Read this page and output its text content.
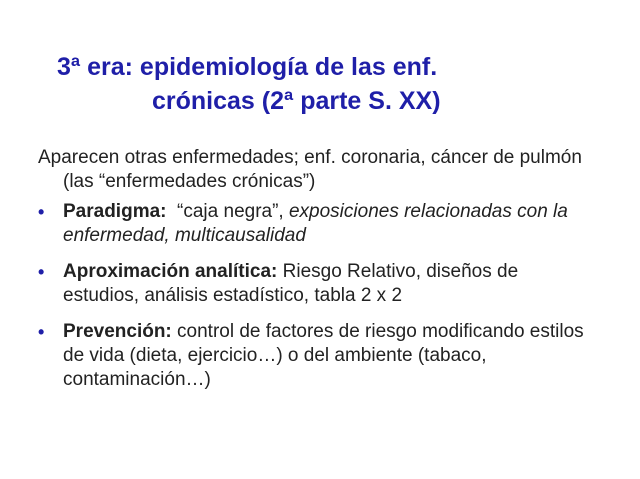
3ª era: epidemiología de las enf.
crónicas (2ª parte S. XX)

Aparecen otras enfermedades; enf. coronaria, cáncer de pulmón (las “enfermedades crónicas”)

• Paradigma:  “caja negra”, exposiciones relacionadas con la enfermedad, multicausalidad
• Aproximación analítica: Riesgo Relativo, diseños de estudios, análisis estadístico, tabla 2 x 2
• Prevención: control de factores de riesgo modificando estilos de vida (dieta, ejercicio…) o del ambiente (tabaco, contaminación…)
